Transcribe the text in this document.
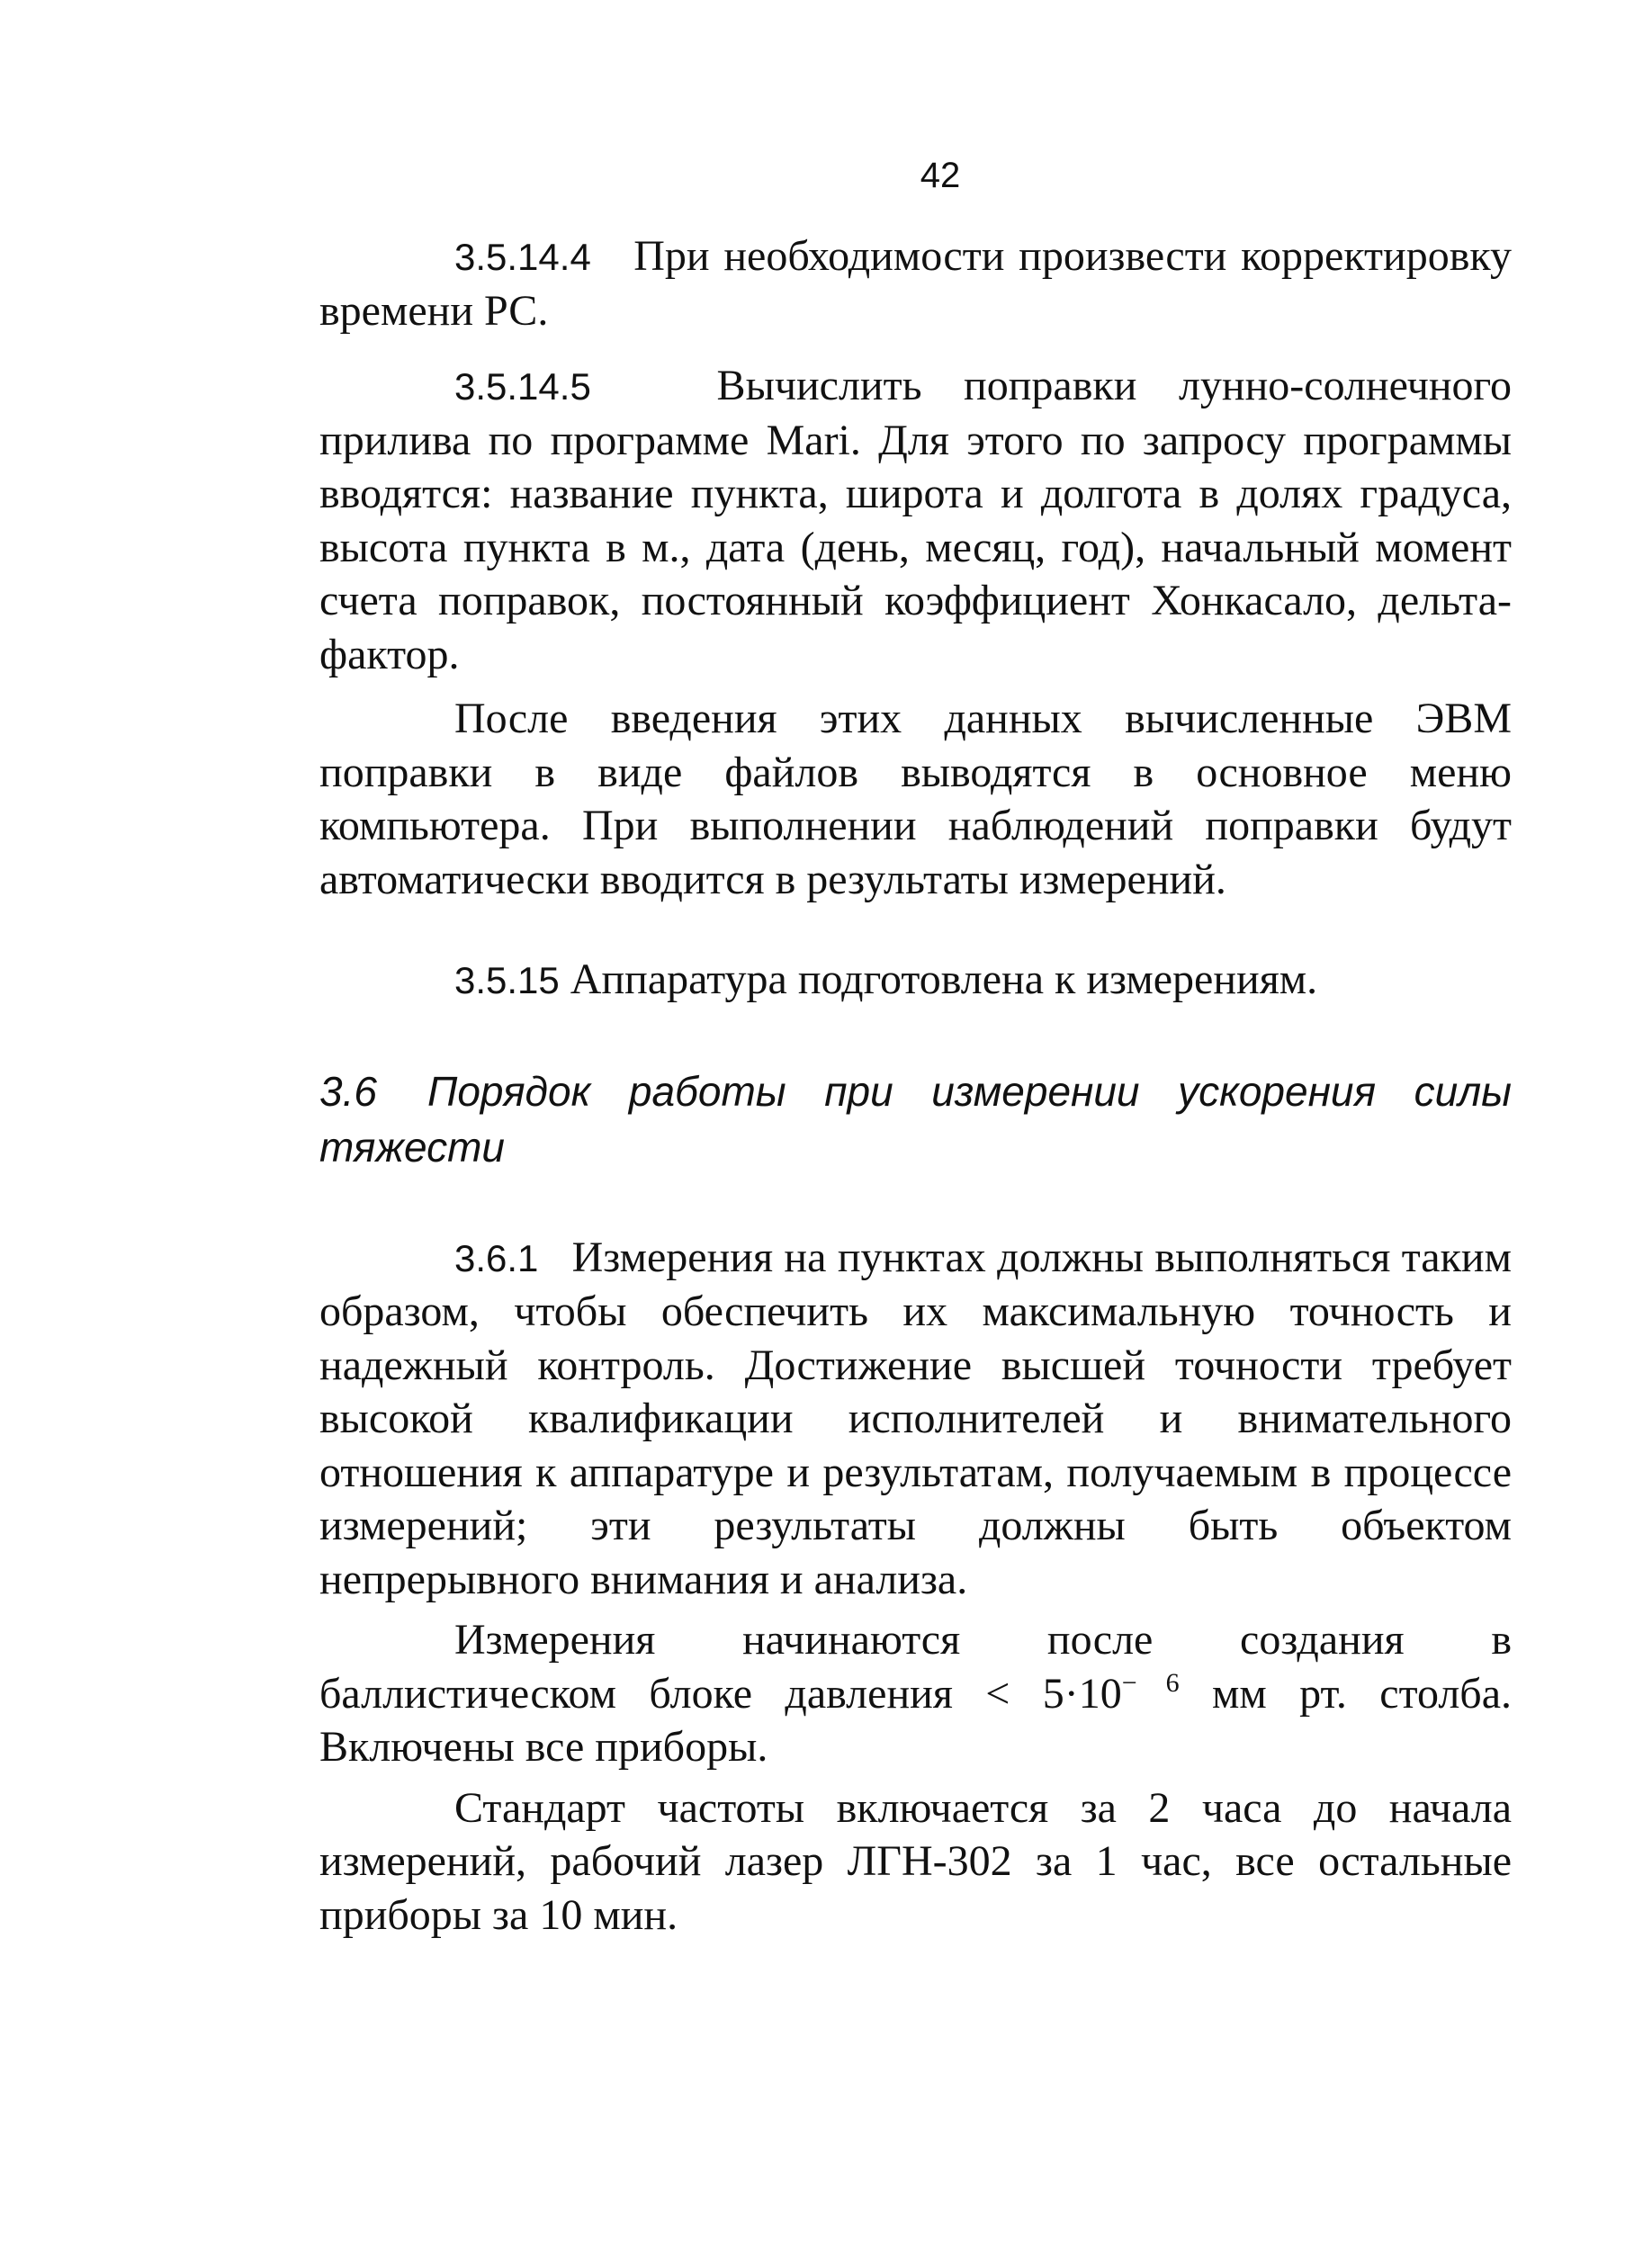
42

3.5.14.4 При необходимости произвести корректировку времени РС.

3.5.14.5	Вычислить поправки лунно-солнечного прилива по программе Mari. Для этого по запросу программы вводятся: название пункта, широта и долгота в долях градуса, высота пункта в м., дата (день, месяц, год), начальный момент счета поправок, постоянный коэффициент Хонкасало, дельта-фактор.

После введения этих данных вычисленные ЭВМ поправки в виде файлов выводятся в основное меню компьютера. При выполнении наблюдений поправки будут автоматически вводится в результаты измерений.

3.5.15 Аппаратура подготовлена к измерениям.

3.6 Порядок работы при измерении ускорения силы тяжести

3.6.1 Измерения на пунктах должны выполняться таким образом, чтобы обеспечить их максимальную точность и надежный контроль. Достижение высшей точности требует высокой квалификации исполнителей и внимательного отношения к аппаратуре и результатам, получаемым в процессе измерений; эти результаты должны быть объектом непрерывного внимания и анализа.

Измерения начинаются после создания в баллистическом блоке давления < $5\cdot 10^{- 6}$ мм рт. столба. Включены все приборы.

Стандарт частоты включается за 2 часа до начала измерений, рабочий лазер ЛГН-302 за 1 час, все остальные приборы за 10 мин.
